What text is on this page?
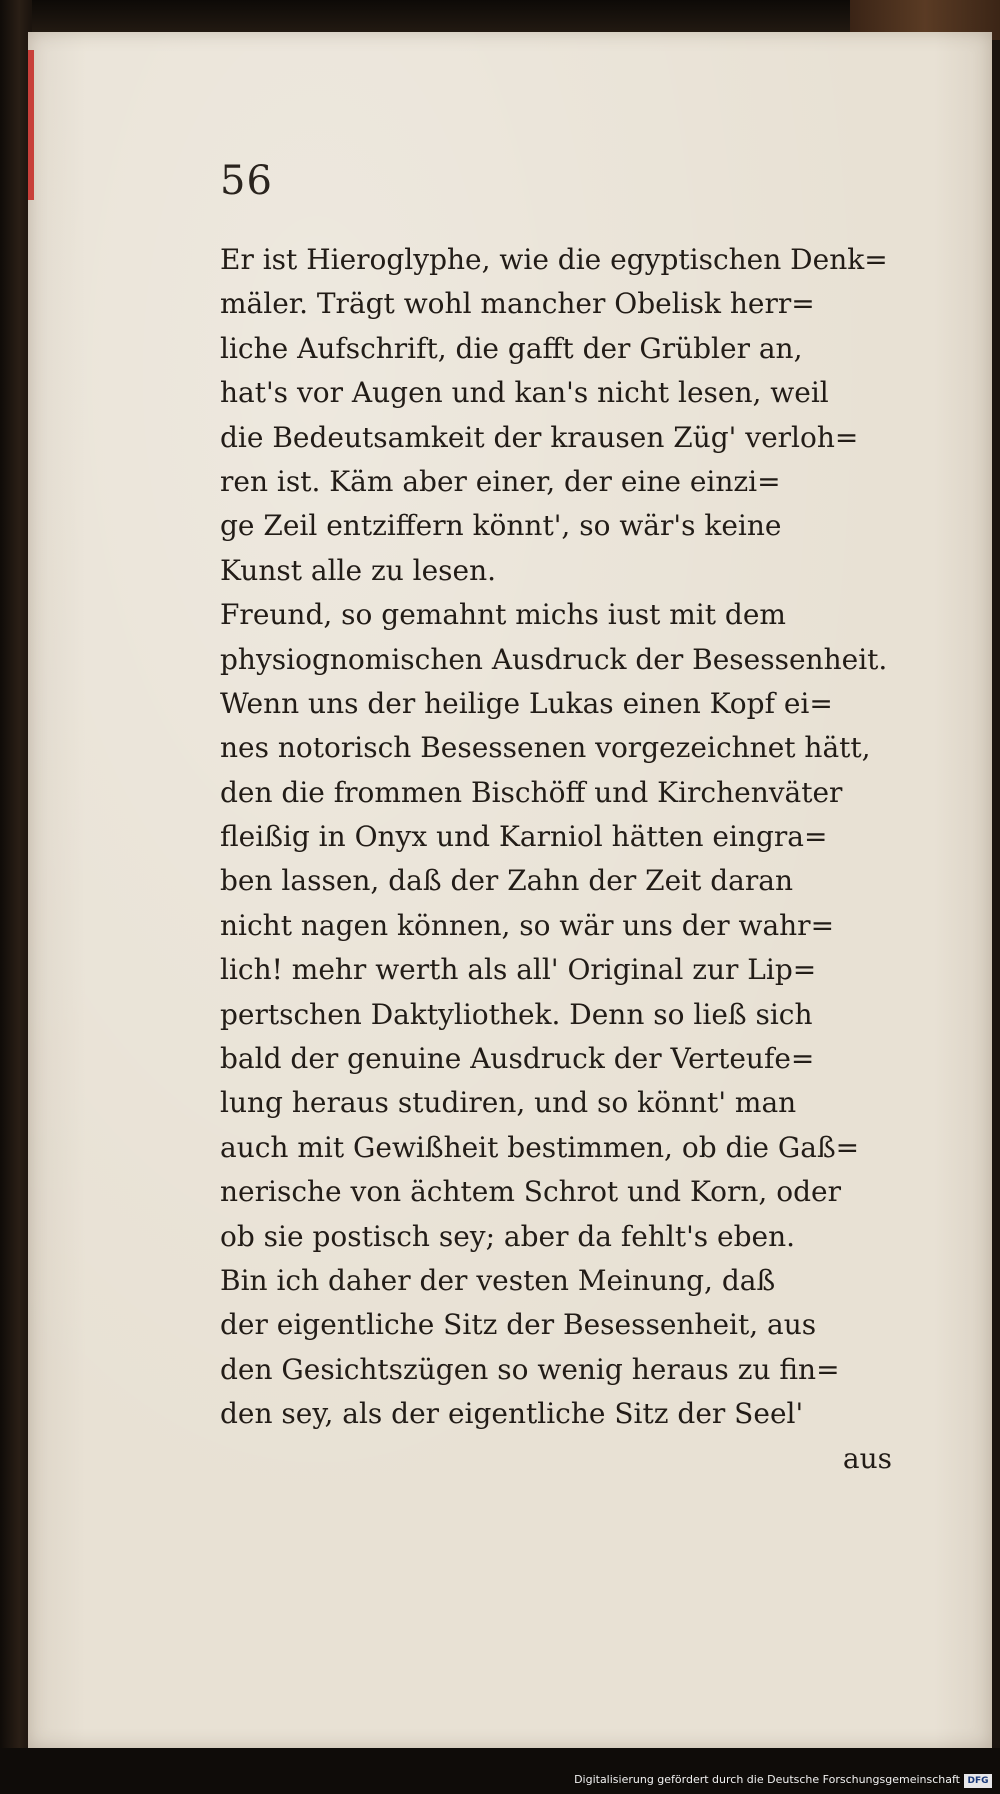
56
Er ist Hieroglyphe, wie die egyptischen Denk=
mäler. Trägt wohl mancher Obelisk herr=
liche Aufschrift, die gafft der Grübler an,
hat's vor Augen und kan's nicht lesen, weil
die Bedeutsamkeit der krausen Züg' verloh=
ren ist. Käm aber einer, der eine einzi=
ge Zeil entziffern könnt', so wär's keine
Kunst alle zu lesen.
Freund, so gemahnt michs iust mit dem
physiognomischen Ausdruck der Besessenheit.
Wenn uns der heilige Lukas einen Kopf ei=
nes notorisch Besessenen vorgezeichnet hätt,
den die frommen Bischöff und Kirchenväter
fleißig in Onyx und Karniol hätten eingra=
ben lassen, daß der Zahn der Zeit daran
nicht nagen können, so wär uns der wahr=
lich! mehr werth als all' Original zur Lip=
pertschen Daktyliothek. Denn so ließ sich
bald der genuine Ausdruck der Verteufe=
lung heraus studiren, und so könnt' man
auch mit Gewißheit bestimmen, ob die Gaß=
nerische von ächtem Schrot und Korn, oder
ob sie postisch sey; aber da fehlt's eben.
Bin ich daher der vesten Meinung, daß
der eigentliche Sitz der Besessenheit, aus
den Gesichtszügen so wenig heraus zu fin=
den sey, als der eigentliche Sitz der Seel'
aus
Digitalisierung gefördert durch die Deutsche Forschungsgemeinschaft DFG
